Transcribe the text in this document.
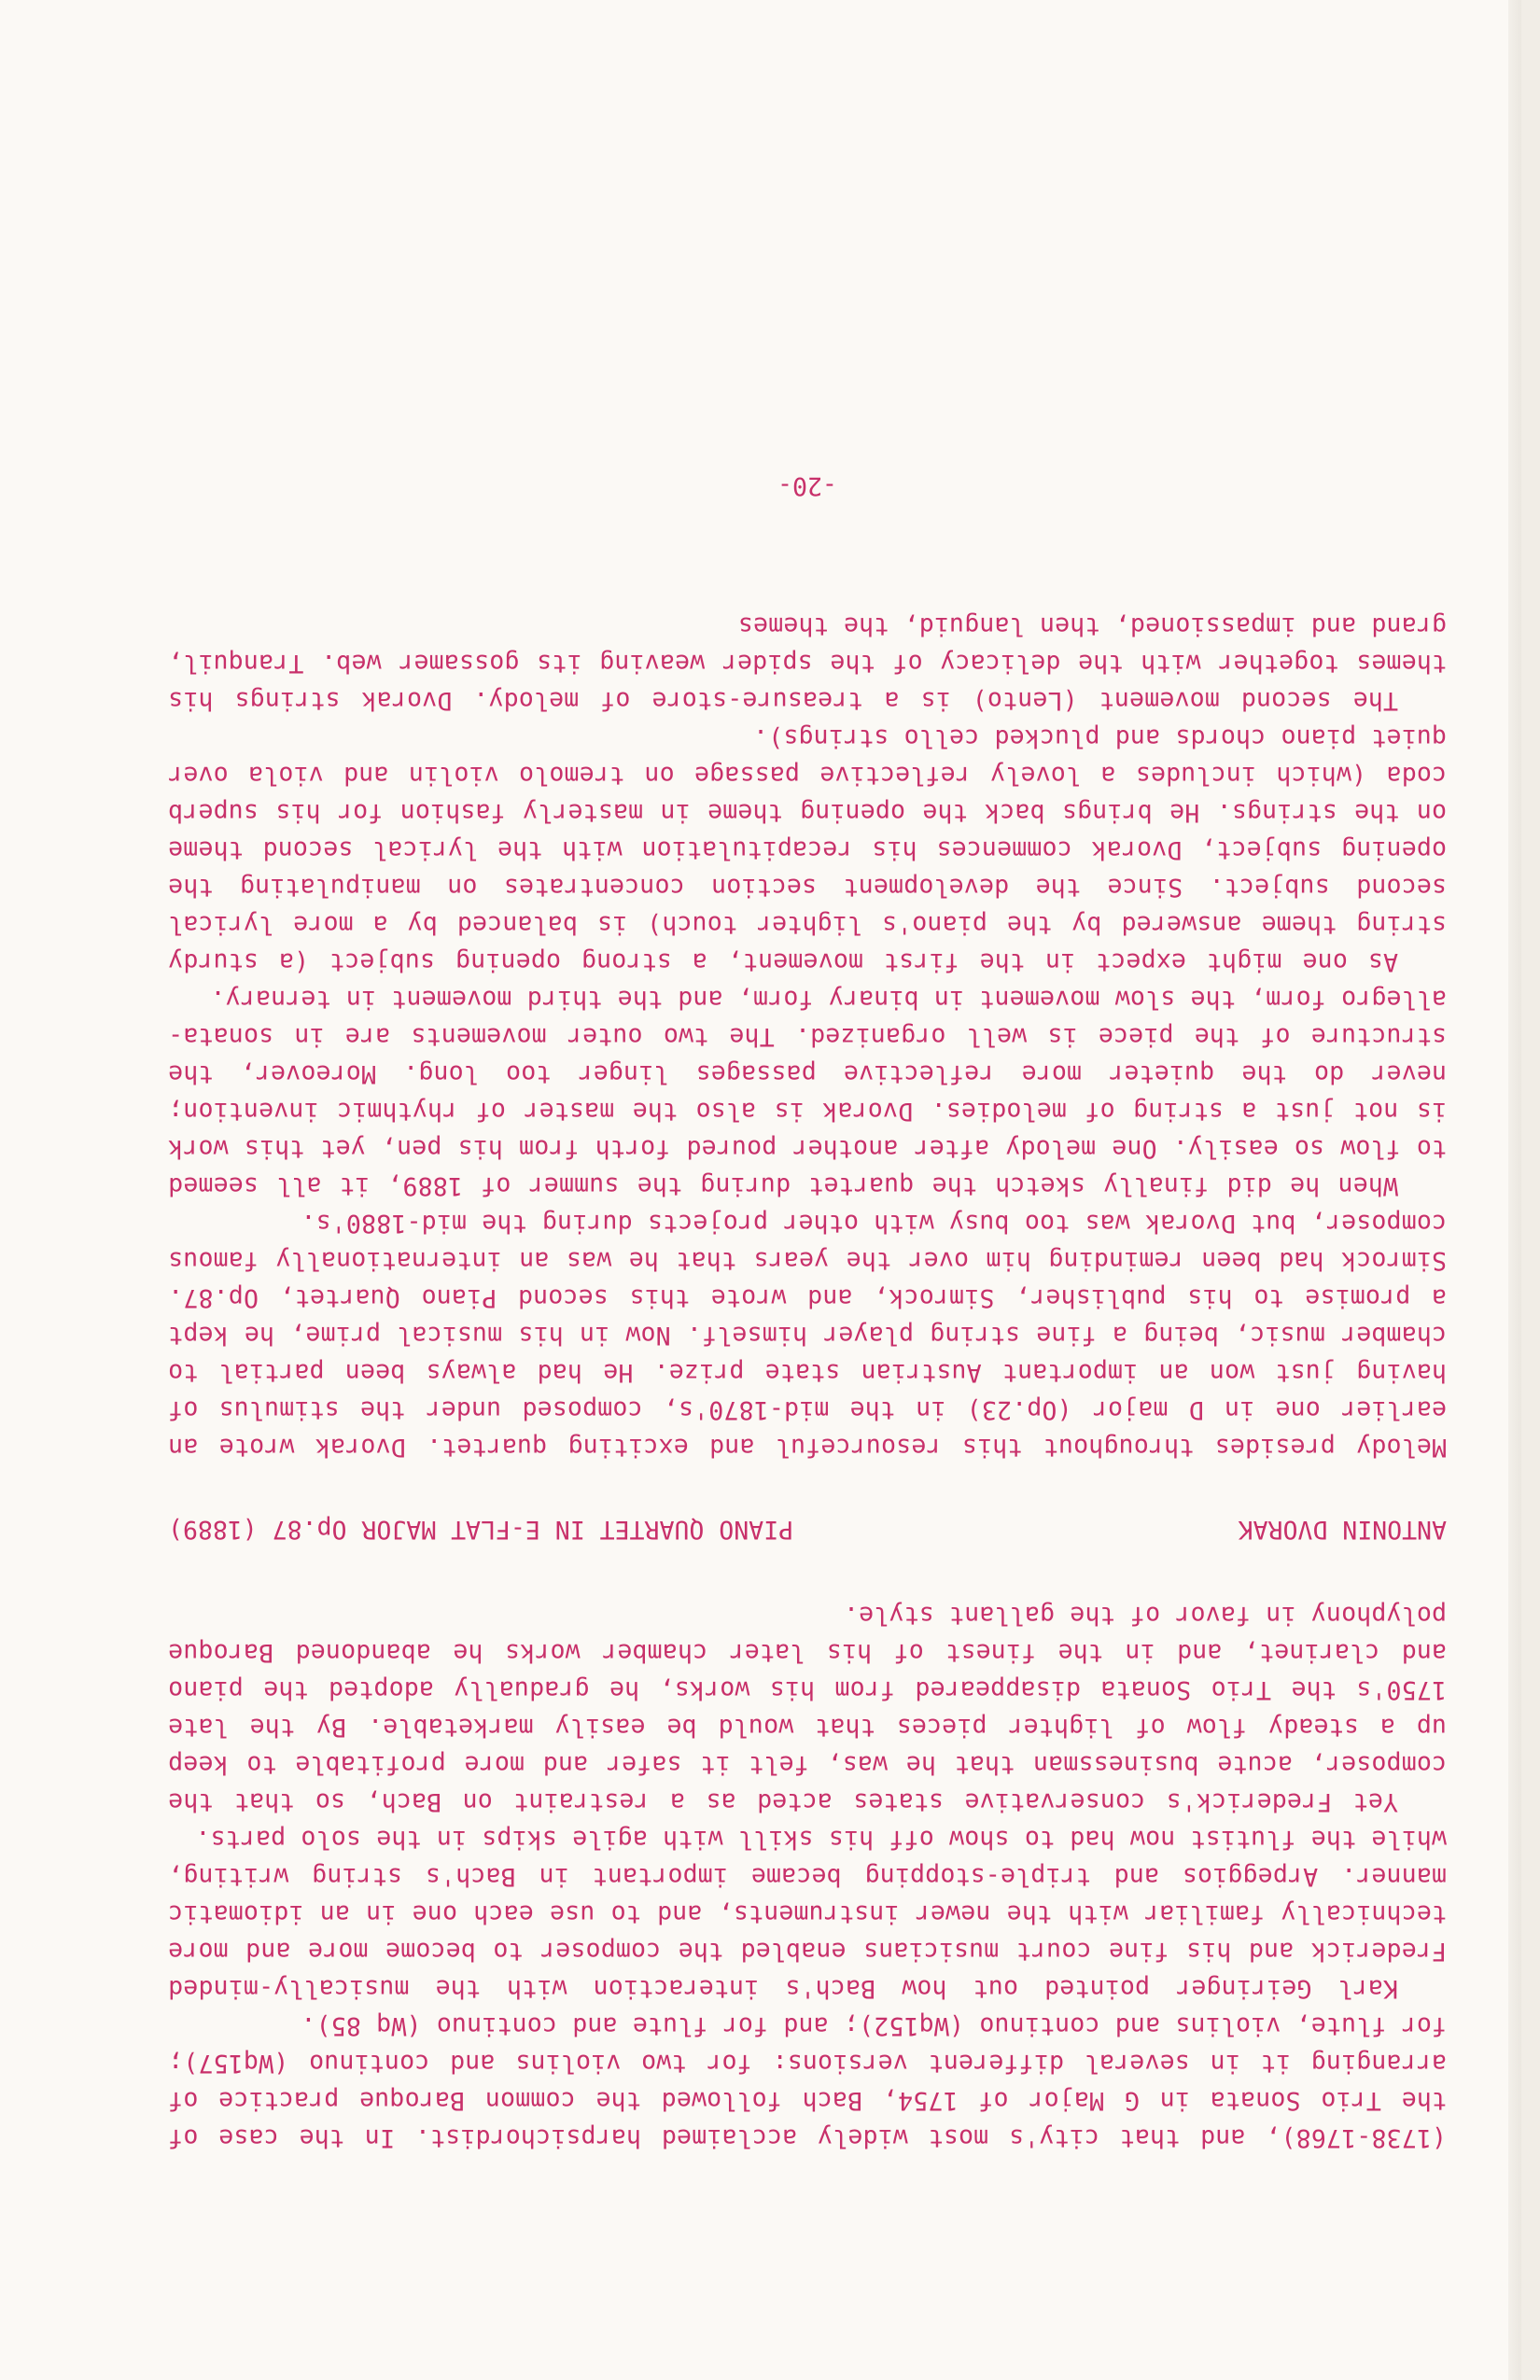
(1738-1768), and that city's most widely acclaimed harpsichordist. In the case of the Trio Sonata in G Major of 1754, Bach followed the common Baroque practice of arranging it in several different versions: for two violins and continuo (Wq157); for flute, violins and continuo (Wq152); and for flute and continuo (Wq 85).

Karl Geiringer pointed out how Bach's interaction with the musically-minded Frederick and his fine court musicians enabled the composer to become more and more technically familiar with the newer instruments, and to use each one in an idiomatic manner. Arpeggios and triple-stopping became important in Bach's string writing, while the flutist now had to show off his skill with agile skips in the solo parts.

Yet Frederick's conservative states acted as a restraint on Bach, so that the composer, acute businessman that he was, felt it safer and more profitable to keep up a steady flow of lighter pieces that would be easily marketable. By the late 1750's the Trio Sonata disappeared from his works, he gradually adopted the piano and clarinet, and in the finest of his later chamber works he abandoned Baroque polyphony in favor of the gallant style.

ANTONIN DVORAK
PIANO QUARTET IN E-FLAT MAJOR Op.87 (1889)

Melody presides throughout this resourceful and exciting quartet. Dvorak wrote an earlier one in D major (Op.23) in the mid-1870's, composed under the stimulus of having just won an important Austrian state prize. He had always been partial to chamber music, being a fine string player himself. Now in his musical prime, he kept a promise to his publisher, Simrock, and wrote this second Piano Quartet, Op.87. Simrock had been reminding him over the years that he was an internationally famous composer, but Dvorak was too busy with other projects during the mid-1880's.

When he did finally sketch the quartet during the summer of 1889, it all seemed to flow so easily. One melody after another poured forth from his pen, yet this work is not just a string of melodies. Dvorak is also the master of rhythmic invention; never do the quieter more reflective passages linger too long. Moreover, the structure of the piece is well organized. The two outer movements are in sonata-allegro form, the slow movement in binary form, and the third movement in ternary.

As one might expect in the first movement, a strong opening subject (a sturdy string theme answered by the piano's lighter touch) is balanced by a more lyrical second subject. Since the development section concentrates on manipulating the opening subject, Dvorak commences his recapitulation with the lyrical second theme on the strings. He brings back the opening theme in masterly fashion for his superb coda (which includes a lovely reflective passage on tremolo violin and viola over quiet piano chords and plucked cello strings).

The second movement (Lento) is a treasure-store of melody. Dvorak strings his themes together with the delicacy of the spider weaving its gossamer web. Tranquil, grand and impassioned, then languid, the themes

-20-
